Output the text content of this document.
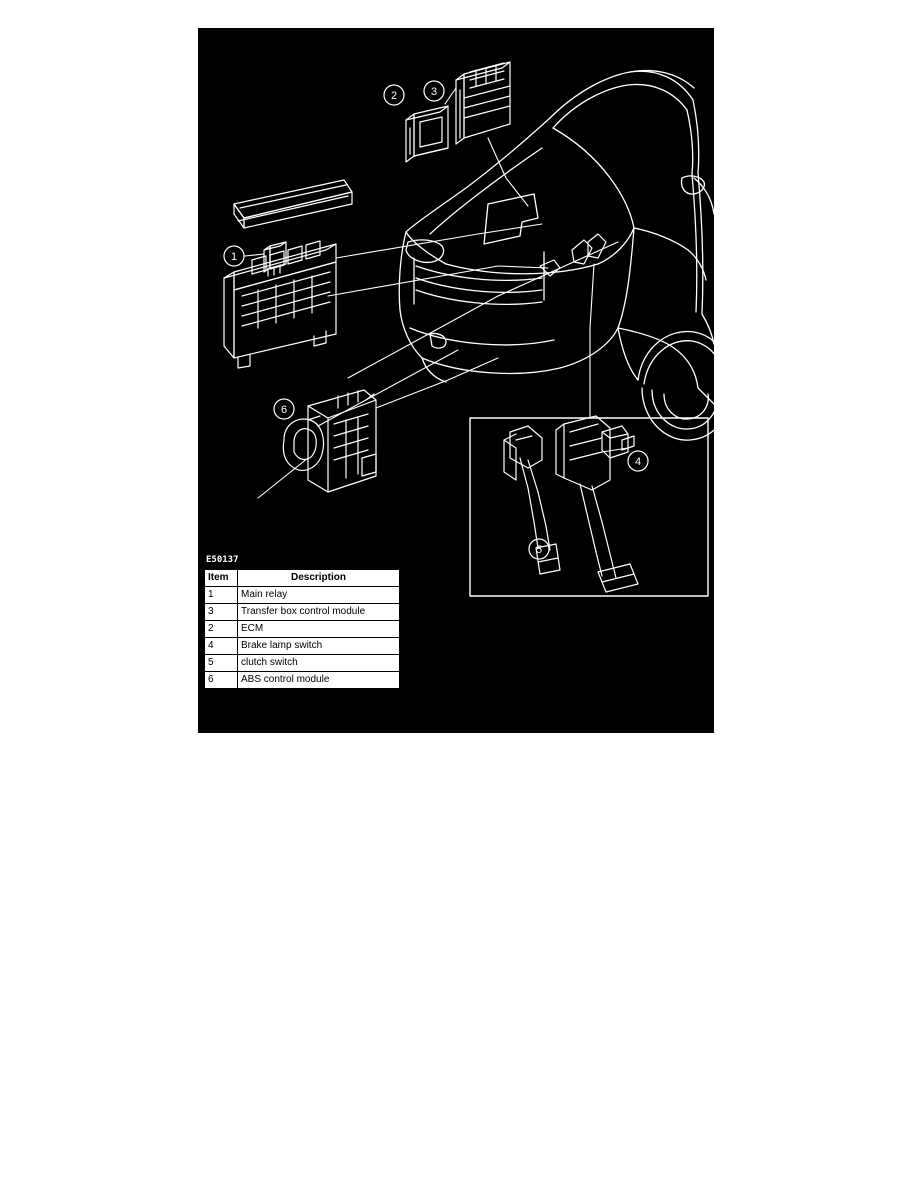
1
2	3
4
5
6
E50137
Item	Description
1	Main relay
3	Transfer box control module
2	ECM
4	Brake lamp switch
5	clutch switch
6	ABS control module
